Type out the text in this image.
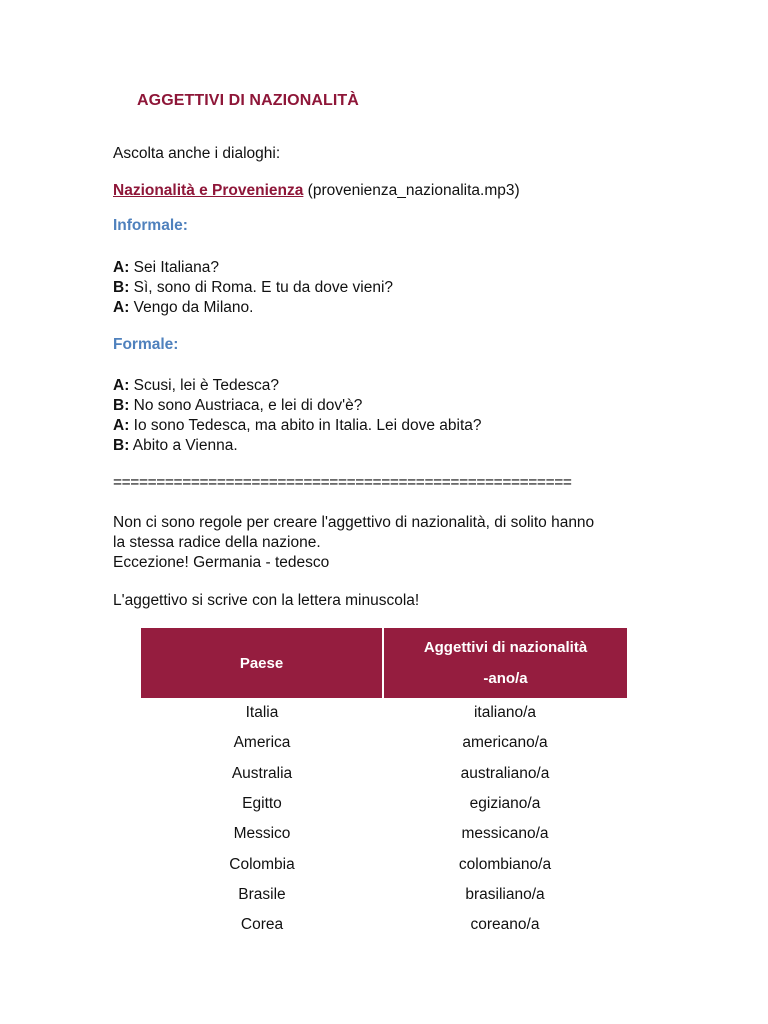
AGGETTIVI DI NAZIONALITÀ
Ascolta anche i dialoghi:
Nazionalità e Provenienza (provenienza_nazionalita.mp3)
Informale:
A: Sei Italiana?
B: Sì, sono di Roma. E tu da dove vieni?
A: Vengo da Milano.
Formale:
A: Scusi, lei è Tedesca?
B: No sono Austriaca, e lei di dov'è?
A: Io sono Tedesca, ma abito in Italia. Lei dove abita?
B: Abito a Vienna.
=====================================================
Non ci sono regole per creare l'aggettivo di nazionalità, di solito hanno
la stessa radice della nazione.
Eccezione! Germania - tedesco
L'aggettivo si scrive con la lettera minuscola!
Paese	Aggettivi di nazionalità
-ano/a

Italia	italiano/a
America	americano/a
Australia	australiano/a
Egitto	egiziano/a
Messico	messicano/a
Colombia	colombiano/a
Brasile	brasiliano/a
Corea	coreano/a
